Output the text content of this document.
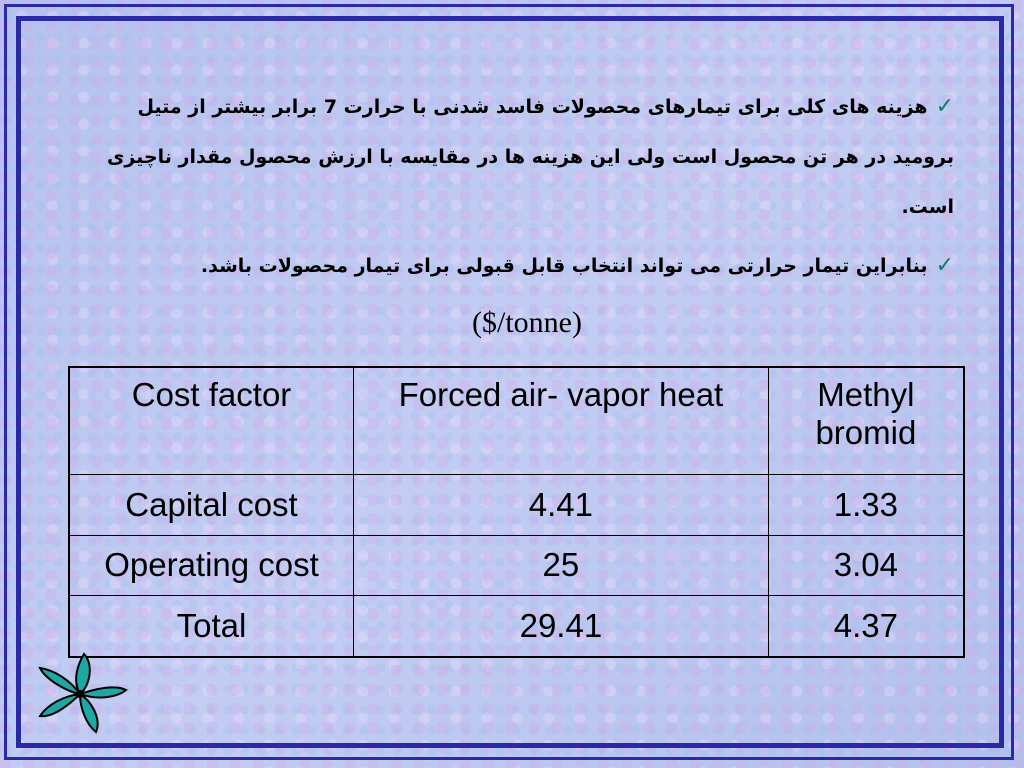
✓هزینه های کلی برای تیمارهای محصولات فاسد شدنی با حرارت 7 برابر بیشتر از متیل برومید در هر تن محصول است ولی این هزینه ها در مقایسه با ارزش محصول مقدار ناچیزی است.
✓بنابراین تیمار حرارتی می تواند انتخاب قابل قبولی برای تیمار محصولات باشد.
($/tonne)
Cost factor	Forced air- vapor heat	Methyl bromid
Capital cost	4.41	1.33
Operating cost	25	3.04
Total	29.41	4.37
